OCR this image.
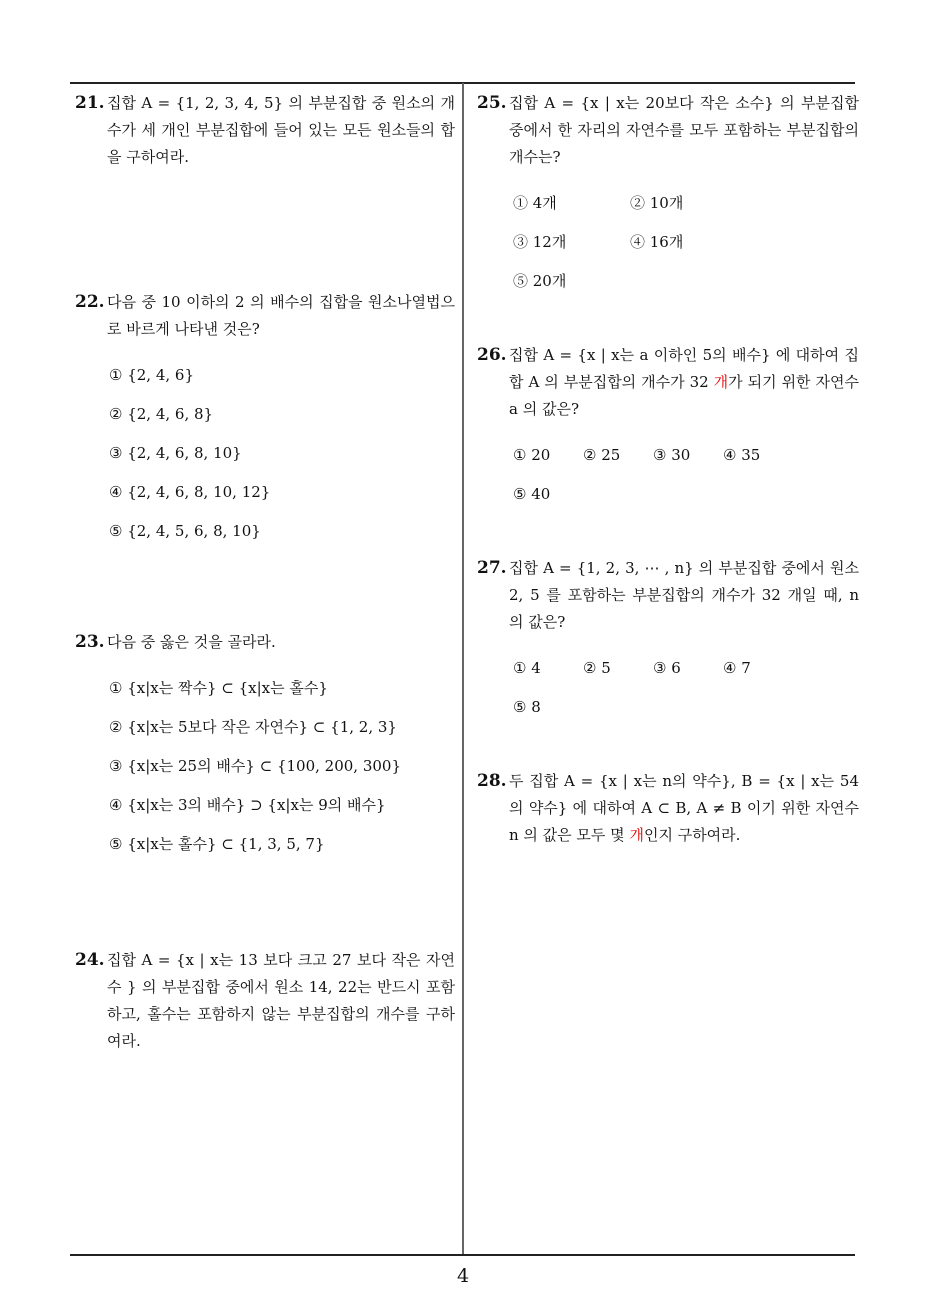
21. 집합 A = {1, 2, 3, 4, 5} 의 부분집합 중 원소의 개수가 세 개인 부분집합에 들어 있는 모든 원소들의 합을 구하여라.
22. 다음 중 10 이하의 2 의 배수의 집합을 원소나열법으로 바르게 나타낸 것은?
① {2, 4, 6}
② {2, 4, 6, 8}
③ {2, 4, 6, 8, 10}
④ {2, 4, 6, 8, 10, 12}
⑤ {2, 4, 5, 6, 8, 10}
23. 다음 중 옳은 것을 골라라.
① {x|x는 짝수} ⊂ {x|x는 홀수}
② {x|x는 5보다 작은 자연수} ⊂ {1, 2, 3}
③ {x|x는 25의 배수} ⊂ {100, 200, 300}
④ {x|x는 3의 배수} ⊃ {x|x는 9의 배수}
⑤ {x|x는 홀수} ⊂ {1, 3, 5, 7}
24. 집합 A = {x | x는 13 보다 크고 27 보다 작은 자연수 } 의 부분집합 중에서 원소 14, 22는 반드시 포함하고, 홀수는 포함하지 않는 부분집합의 개수를 구하여라.
25. 집합 A = {x | x는 20보다 작은 소수} 의 부분집합 중에서 한 자리의 자연수를 모두 포함하는 부분집합의 개수는?
① 4개	② 10개
③ 12개	④ 16개
⑤ 20개
26. 집합 A = {x | x는 a 이하인 5의 배수} 에 대하여 집합 A 의 부분집합의 개수가 32 개가 되기 위한 자연수 a 의 값은?
① 20	② 25	③ 30	④ 35
⑤ 40
27. 집합 A = {1, 2, 3, ⋯ , n} 의 부분집합 중에서 원소 2, 5 를 포함하는 부분집합의 개수가 32 개일 때, n 의 값은?
① 4	② 5	③ 6	④ 7
⑤ 8
28. 두 집합 A = {x | x는 n의 약수}, B = {x | x는 54의 약수} 에 대하여 A ⊂ B, A ≠ B 이기 위한 자연수 n 의 값은 모두 몇 개인지 구하여라.
4
